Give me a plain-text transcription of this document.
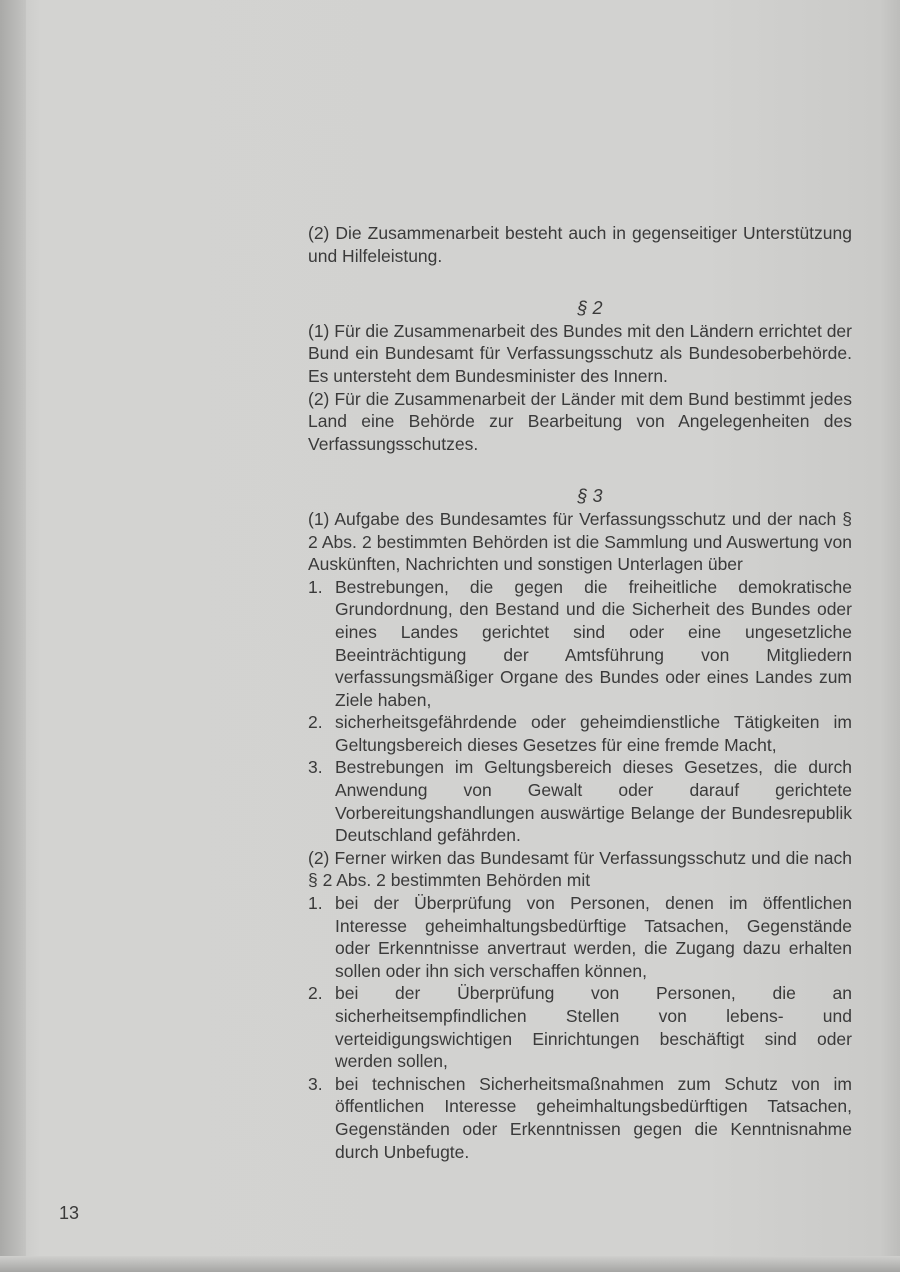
(2) Die Zusammenarbeit besteht auch in gegenseitiger Unterstützung und Hilfeleistung.

§ 2

(1) Für die Zusammenarbeit des Bundes mit den Ländern errichtet der Bund ein Bundesamt für Verfassungsschutz als Bundesoberbehörde. Es untersteht dem Bundesminister des Innern.

(2) Für die Zusammenarbeit der Länder mit dem Bund bestimmt jedes Land eine Behörde zur Bearbeitung von Angelegenheiten des Verfassungsschutzes.

§ 3

(1) Aufgabe des Bundesamtes für Verfassungsschutz und der nach § 2 Abs. 2 bestimmten Behörden ist die Sammlung und Auswertung von Auskünften, Nachrichten und sonstigen Unterlagen über

1. Bestrebungen, die gegen die freiheitliche demokratische Grundordnung, den Bestand und die Sicherheit des Bundes oder eines Landes gerichtet sind oder eine ungesetzliche Beeinträchtigung der Amtsführung von Mitgliedern verfassungsmäßiger Organe des Bundes oder eines Landes zum Ziele haben,
2. sicherheitsgefährdende oder geheimdienstliche Tätigkeiten im Geltungsbereich dieses Gesetzes für eine fremde Macht,
3. Bestrebungen im Geltungsbereich dieses Gesetzes, die durch Anwendung von Gewalt oder darauf gerichtete Vorbereitungshandlungen auswärtige Belange der Bundesrepublik Deutschland gefährden.

(2) Ferner wirken das Bundesamt für Verfassungsschutz und die nach § 2 Abs. 2 bestimmten Behörden mit

1. bei der Überprüfung von Personen, denen im öffentlichen Interesse geheimhaltungsbedürftige Tatsachen, Gegenstände oder Erkenntnisse anvertraut werden, die Zugang dazu erhalten sollen oder ihn sich verschaffen können,
2. bei der Überprüfung von Personen, die an sicherheitsempfindlichen Stellen von lebens- und verteidigungswichtigen Einrichtungen beschäftigt sind oder werden sollen,
3. bei technischen Sicherheitsmaßnahmen zum Schutz von im öffentlichen Interesse geheimhaltungsbedürftigen Tatsachen, Gegenständen oder Erkenntnissen gegen die Kenntnisnahme durch Unbefugte.
13
